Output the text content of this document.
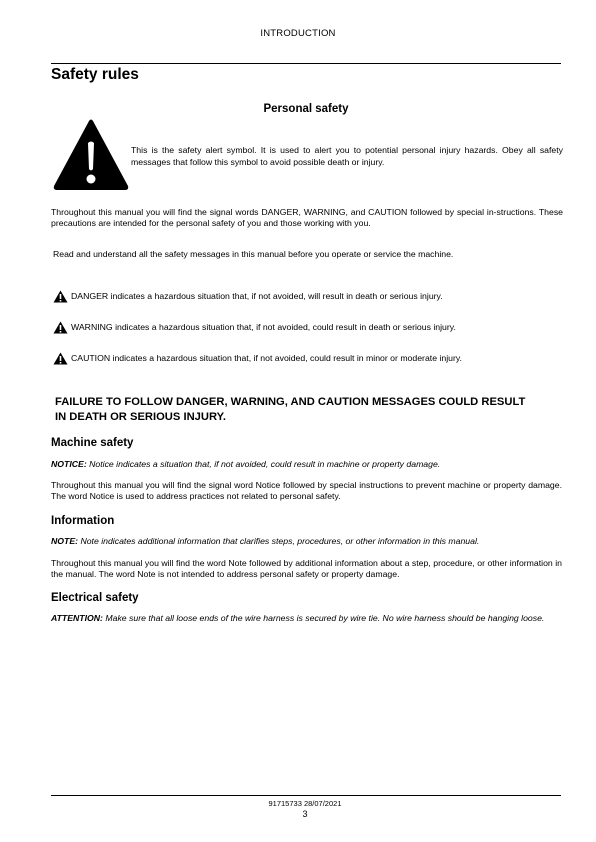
INTRODUCTION
Safety rules
Personal safety
This is the safety alert symbol. It is used to alert you to potential personal injury hazards. Obey all safety messages that follow this symbol to avoid possible death or injury.
Throughout this manual you will find the signal words DANGER, WARNING, and CAUTION followed by special in-structions. These precautions are intended for the personal safety of you and those working with you.
Read and understand all the safety messages in this manual before you operate or service the machine.
DANGER indicates a hazardous situation that, if not avoided, will result in death or serious injury.
WARNING indicates a hazardous situation that, if not avoided, could result in death or serious injury.
CAUTION indicates a hazardous situation that, if not avoided, could result in minor or moderate injury.
FAILURE TO FOLLOW DANGER, WARNING, AND CAUTION MESSAGES COULD RESULT
IN DEATH OR SERIOUS INJURY.
Machine safety
NOTICE: Notice indicates a situation that, if not avoided, could result in machine or property damage.
Throughout this manual you will find the signal word Notice followed by special instructions to prevent machine or property damage. The word Notice is used to address practices not related to personal safety.
Information
NOTE: Note indicates additional information that clarifies steps, procedures, or other information in this manual.
Throughout this manual you will find the word Note followed by additional information about a step, procedure, or other information in the manual. The word Note is not intended to address personal safety or property damage.
Electrical safety
ATTENTION: Make sure that all loose ends of the wire harness is secured by wire tie. No wire harness should be hanging loose.
91715733 28/07/2021
3
